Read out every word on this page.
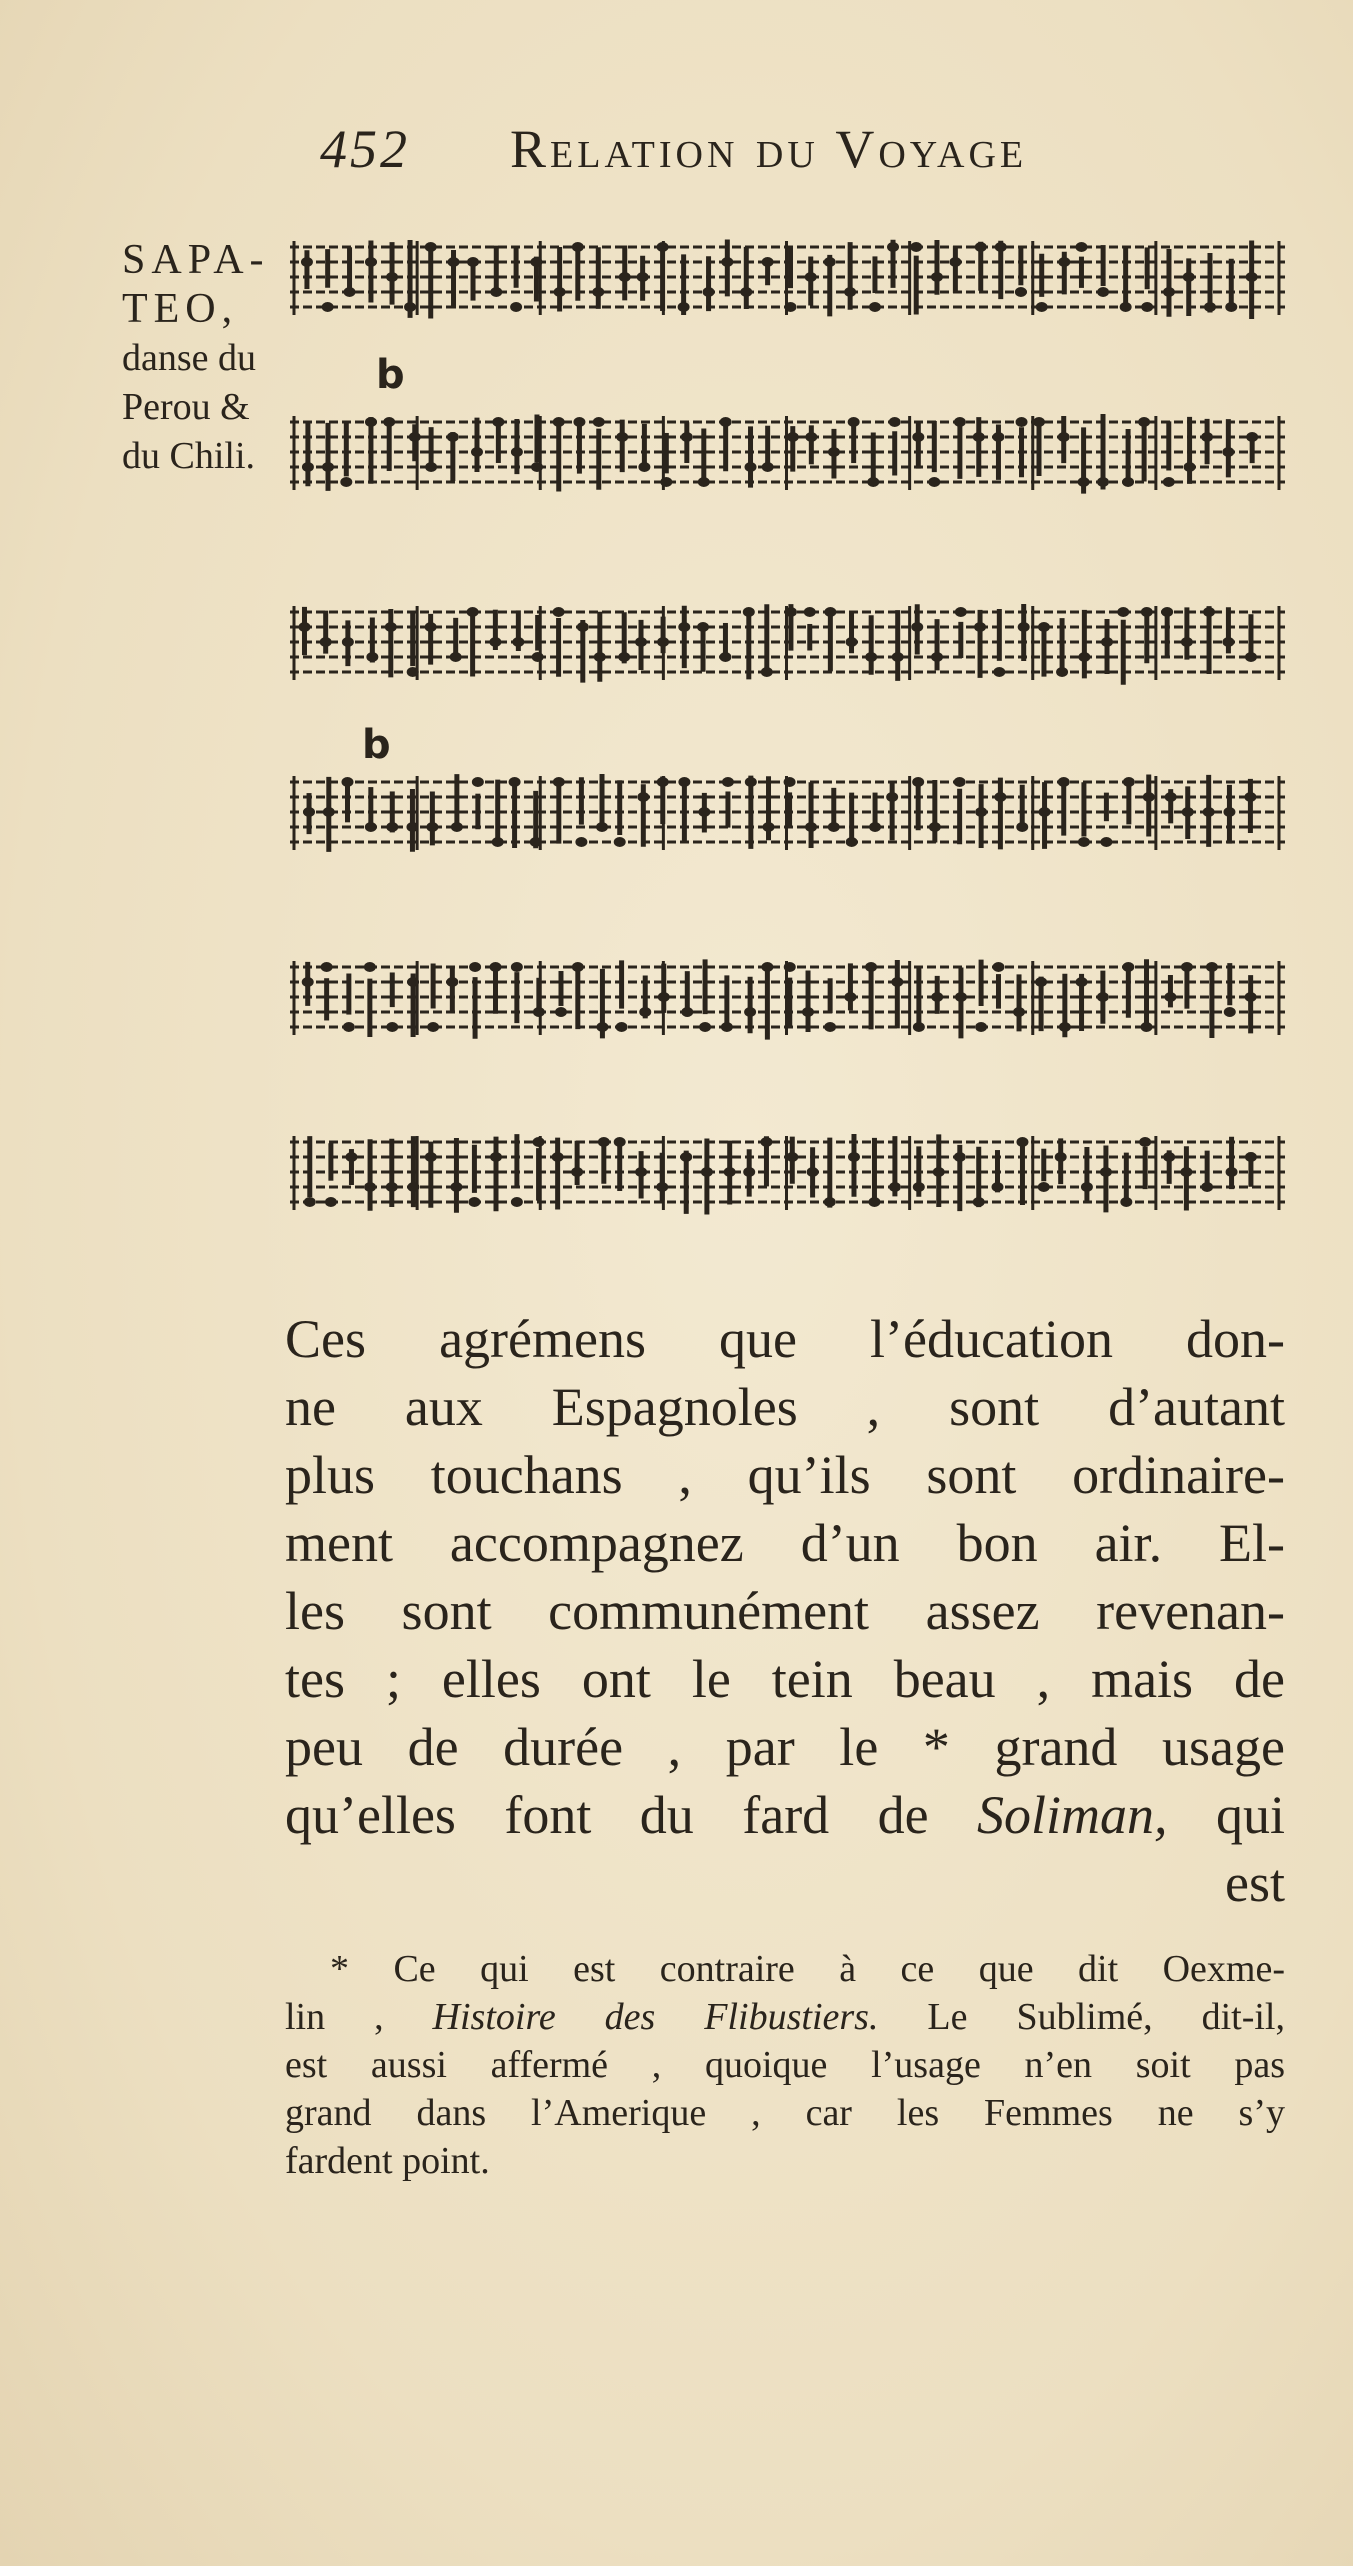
452 Relation du Voyage
SAPA-
TEO,
danse du
Perou &
du Chili.
b
b
Ces agrémens que l’éducation don-
ne aux Espagnoles , sont d’autant
plus touchans , qu’ils sont ordinaire-
ment accompagnez d’un bon air. El-
les sont communément assez revenan-
tes ; elles ont le tein beau , mais de
peu de durée , par le * grand usage
qu’elles font du fard de Soliman, qui
est
* Ce qui est contraire à ce que dit Oexme-
lin , Histoire des Flibustiers. Le Sublimé, dit-il,
est aussi affermé , quoique l’usage n’en soit pas
grand dans l’Amerique , car les Femmes ne s’y
fardent point.
